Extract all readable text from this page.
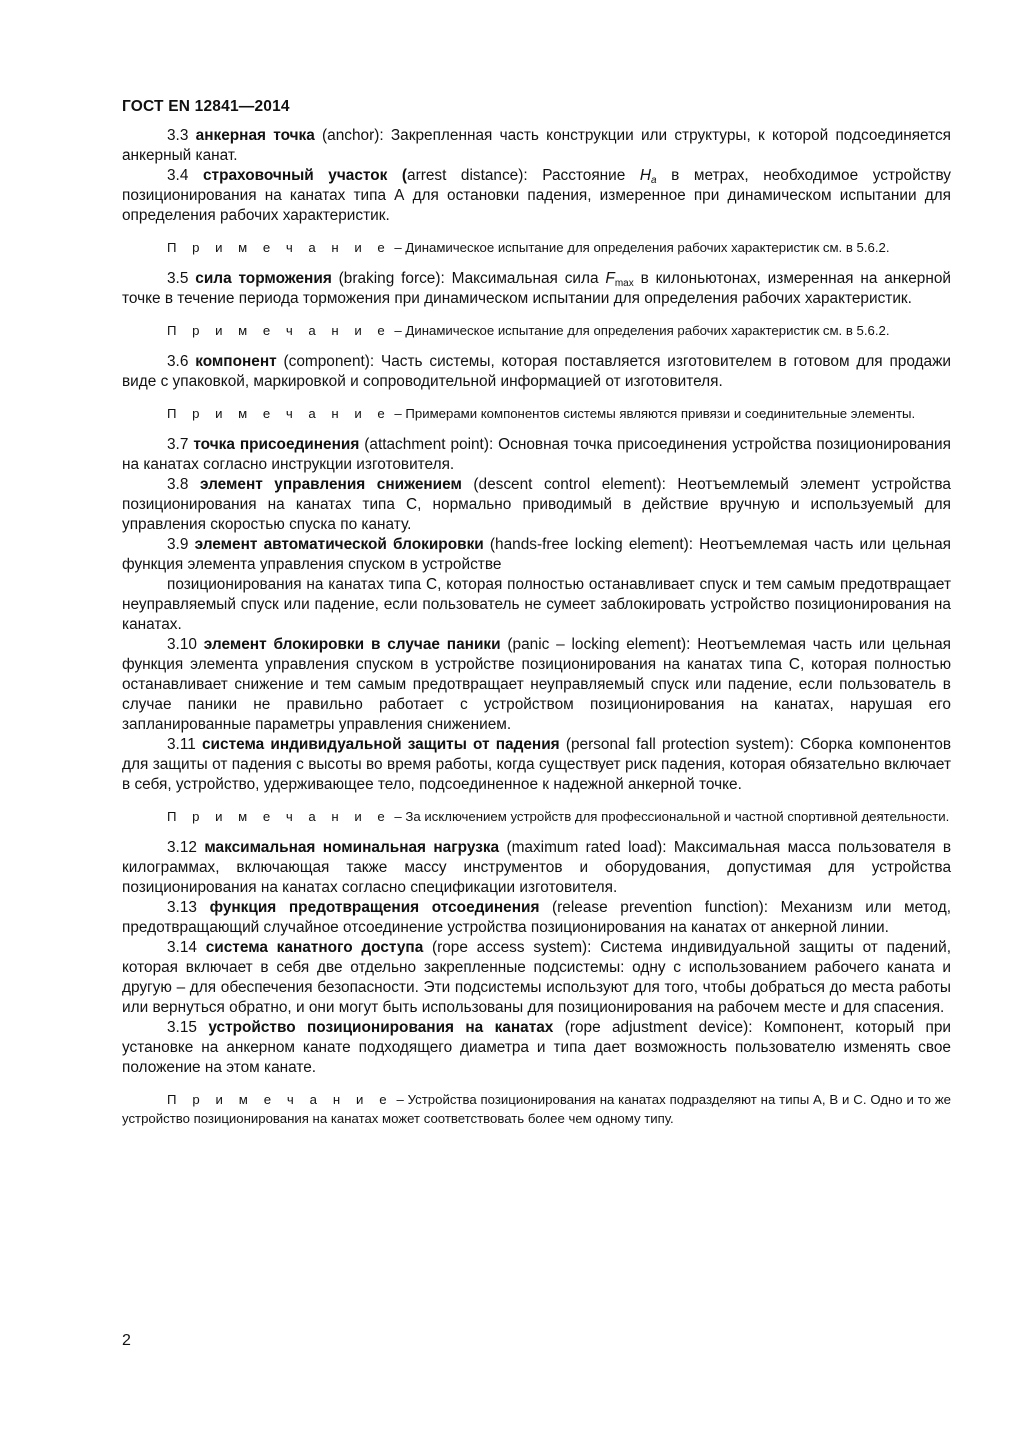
ГОСТ EN 12841—2014

3.3 анкерная точка (anchor): Закрепленная часть конструкции или структуры, к которой подсоединяется анкерный канат.

3.4 страховочный участок (arrest distance): Расстояние $H_a$ в метрах, необходимое устройству позиционирования на канатах типа А для остановки падения, измеренное при динамическом испытании для определения рабочих характеристик.

П р и м е ч а н и е – Динамическое испытание для определения рабочих характеристик см. в 5.6.2.

3.5 сила торможения (braking force): Максимальная сила $F_{max}$ в килоньютонах, измеренная на анкерной точке в течение периода торможения при динамическом испытании для определения рабочих характеристик.

П р и м е ч а н и е – Динамическое испытание для определения рабочих характеристик см. в 5.6.2.

3.6 компонент (component): Часть системы, которая поставляется изготовителем в готовом для продажи виде с упаковкой, маркировкой и сопроводительной информацией от изготовителя.

П р и м е ч а н и е – Примерами компонентов системы являются привязи и соединительные элементы.

3.7 точка присоединения (attachment point): Основная точка присоединения устройства позиционирования на канатах согласно инструкции изготовителя.

3.8 элемент управления снижением (descent control element): Неотъемлемый элемент устройства позиционирования на канатах типа С, нормально приводимый в действие вручную и используемый для управления скоростью спуска по канату.

3.9 элемент автоматической блокировки (hands-free locking element): Неотъемлемая часть или цельная функция элемента управления спуском в устройстве

позиционирования на канатах типа С, которая полностью останавливает спуск и тем самым предотвращает неуправляемый спуск или падение, если пользователь не сумеет заблокировать устройство позиционирования на канатах.

3.10 элемент блокировки в случае паники (panic – locking element): Неотъемлемая часть или цельная функция элемента управления спуском в устройстве позиционирования на канатах типа С, которая полностью останавливает снижение и тем самым предотвращает неуправляемый спуск или падение, если пользователь в случае паники не правильно работает с устройством позиционирования на канатах, нарушая его запланированные параметры управления снижением.

3.11 система индивидуальной защиты от падения (personal fall protection system): Сборка компонентов для защиты от падения с высоты во время работы, когда существует риск падения, которая обязательно включает в себя, устройство, удерживающее тело, подсоединенное к надежной анкерной точке.

П р и м е ч а н и е – За исключением устройств для профессиональной и частной спортивной деятельности.

3.12 максимальная номинальная нагрузка (maximum rated load): Максимальная масса пользователя в килограммах, включающая также массу инструментов и оборудования, допустимая для устройства позиционирования на канатах согласно спецификации изготовителя.

3.13 функция предотвращения отсоединения (release prevention function): Механизм или метод, предотвращающий случайное отсоединение устройства позиционирования на канатах от анкерной линии.

3.14 система канатного доступа (rope access system): Система индивидуальной защиты от падений, которая включает в себя две отдельно закрепленные подсистемы: одну с использованием рабочего каната и другую – для обеспечения безопасности. Эти подсистемы используют для того, чтобы добраться до места работы или вернуться обратно, и они могут быть использованы для позиционирования на рабочем месте и для спасения.

3.15 устройство позиционирования на канатах (rope adjustment device): Компонент, который при установке на анкерном канате подходящего диаметра и типа дает возможность пользователю изменять свое положение на этом канате.

П р и м е ч а н и е – Устройства позиционирования на канатах подразделяют на типы А, В и С. Одно и то же устройство позиционирования на канатах может соответствовать более чем одному типу.

2
